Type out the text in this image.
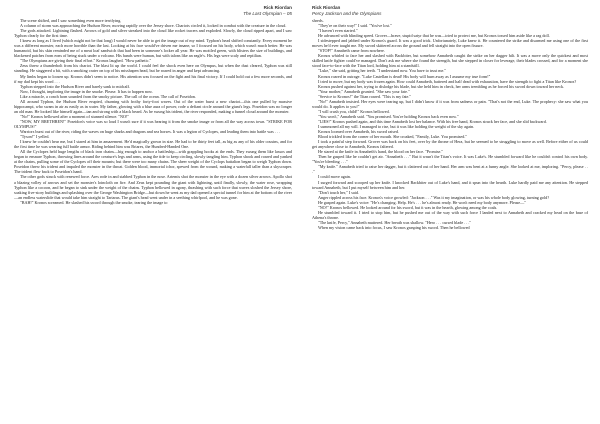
Rick Riordan
The Last Olympian – 05

The scene shifted, and I saw something even more terrifying.

A column of storm was approaching the Hudson River, moving rapidly over the Jersey shore. Chariots circled it, locked in combat with the creature in the cloud.

The gods attacked. Lightning flashed. Arrows of gold and silver streaked into the cloud like rocket tracers and exploded. Slowly, the cloud ripped apart, and I saw Typhon clearly for the first time.

I knew as long as I lived (which might not be that long) I would never be able to get the image out of my mind. Typhon's head shifted constantly. Every moment he was a different monster, each more horrible than the last. Looking at his face would've driven me insane, so I focused on his body, which wasn't much better. He was humanoid, but his skin reminded me of a meat loaf sandwich that had been in someone's locker all year. He was mottled green, with blisters the size of buildings, and blackened patches from eons of being stuck under a volcano. His hands were human, but with talons like an eagle's. His legs were scaly and reptilian.

"The Olympians are giving their final effort." Kronos laughed. "How pathetic."

Zeus threw a thunderbolt from his chariot. The blast lit up the world. I could feel the shock even here on Olympus, but when the dust cleared, Typhon was still standing. He staggered a bit, with a smoking crater on top of his misshapen head, but he roared in anger and kept advancing.

My limbs began to loosen up. Kronos didn't seem to notice. His attention was focused on the fight and his final victory. If I could hold out a few more seconds, and if my dad kept his word . . .

Typhon stepped into the Hudson River and barely sank to midcalf.

Now, I thought, imploring the image in the smoke. Please. It has to happen now.

Like a miracle, a conch horn sounded from the smoky picture. The call of the ocean. The call of Poseidon.

All around Typhon, the Hudson River erupted, churning with frothy forty-foot waves. Out of the water burst a new chariot—this one pulled by massive hippocampi, who swam in air as easily as in water. My father, glowing with a blue aura of power, rode a defiant circle around the giant's legs. Poseidon was no longer an old man. He looked like himself again—tan and strong with a black beard. As he swung his trident, the river responded, making a funnel cloud around the monster.

"No!" Kronos bellowed after a moment of stunned silence. "NO!"

"NOW, MY BRETHREN!" Poseidon's voice was so loud I wasn't sure if it was hearing it from the smoke image or from all the way across town. "STRIKE FOR OLYMPUS!"

Warriors burst out of the river, riding the waves on huge sharks and dragons and sea horses. It was a legion of Cyclopes, and leading them into battle was . . .

"Tyson!" I yelled.

I knew he couldn't hear me, but I stared at him in amazement. He'd magically grown in size. He had to be thirty feet tall, as big as any of his older cousins, and for the first time he was wearing full battle armor. Riding behind him was Briares, the Hundred-Handed One.

All the Cyclopes held huge lengths of black iron chains—big enough to anchor a battleship—with grappling hooks at the ends. They swung them like lassos and began to ensnare Typhon, throwing lines around the creature's legs and arms, using the tide to keep circling, slowly tangling him. Typhon shook and roared and yanked at the chains, pulling some of the Cyclopes off their mounts; but there were too many chains. The sheer weight of the Cyclops battalion began to weigh Typhon down. Poseidon threw his trident and impaled the monster in the throat. Golden blood, immortal ichor, spewed from the wound, making a waterfall taller than a skyscraper. The trident flew back to Poseidon's hand.

The other gods struck with renewed force. Ares rode in and stabbed Typhon in the nose. Artemis shot the monster in the eye with a dozen silver arrows. Apollo shot a blazing volley of arrows and set the monster's loincloth on fire. And Zeus kept pounding the giant with lightning, until finally, slowly, the water rose, wrapping Typhon like a cocoon, and he began to sink under the weight of the chains. Typhon bellowed in agony, thrashing with such force that waves sloshed the Jersey shore, soaking five-story buildings and splashing over the George Washington Bridge—but down he went as my dad opened a special tunnel for him at the bottom of the river—an endless waterslide that would take him straight to Tartarus. The giant's head went under in a seething whirlpool, and he was gone.

"BAH!" Kronos screamed. He slashed his sword through the smoke, tearing the image to

Rick Riordan
Percy Jackson and the Olympians

shreds.

"They're on their way!" I said. "You've lost."

"I haven't even started."

He advanced with blinding speed. Grover—brave, stupid satyr that he was—tried to protect me, but Kronos tossed him aside like a rag doll.

I sidestepped and jabbed under Kronos's guard. It was a good trick. Unfortunately, Luke knew it. He countered the strike and disarmed me using one of the first moves he'd ever taught me. My sword skittered across the ground and fell straight into the open fissure.

"STOP!" Annabeth came from nowhere.

Kronos whirled to face her and slashed with Backbiter, but somehow Annabeth caught the strike on her dagger hilt. It was a move only the quickest and most skilled knife fighter could've managed. Don't ask me where she found the strength, but she stepped in closer for leverage, their blades crossed, and for a moment she stood face-to-face with the Titan lord, holding him at a standstill.

"Luke," she said, gritting her teeth. "I understand now. You have to trust me."

Kronos roared in outrage. "Luke Castellan is dead! His body will burn away as I assume my true form!"

I tried to move, but my body was frozen again. How could Annabeth, battered and half dead with exhaustion, have the strength to fight a Titan like Kronos?

Kronos pushed against her, trying to dislodge his blade, but she held him in check, her arms trembling as he forced his sword down toward her neck.

"Your mother," Annabeth grunted. "She saw your fate."

"Service to Kronos!" the Titan roared. "This is my fate."

"No!" Annabeth insisted. Her eyes were tearing up, but I didn't know if it was from sadness or pain. "That's not the end, Luke. The prophecy: she saw what you would do. It applies to you!"

"I will crush you, child!" Kronos bellowed.

"You won't," Annabeth said. "You promised. You're holding Kronos back even now."

"LIES!" Kronos pushed again, and this time Annabeth lost her balance. With his free hand, Kronos struck her face, and she slid backward.

I summoned all my will. I managed to rise, but it was like holding the weight of the sky again.

Kronos loomed over Annabeth, his sword raised.

Blood trickled from the corner of her mouth. She croaked, "Family, Luke. You promised."

I took a painful step forward. Grover was back on his feet, over by the throne of Hera, but he seemed to be struggling to move as well. Before either of us could get anywhere close to Annabeth, Kronos faltered.

He stared at the knife in Annabeth's hand, the blood on her face. "Promise."

Then he gasped like he couldn't get air. "Annabeth . . ." But it wasn't the Titan's voice. It was Luke's. He stumbled forward like he couldn't control his own body. "You're bleeding . . ."

"My knife." Annabeth tried to raise her dagger, but it clattered out of her hand. Her arm was bent at a funny angle. She looked at me, imploring. "Percy, please . . ."

I could move again.

I surged forward and scooped up her knife. I knocked Backbiter out of Luke's hand, and it spun into the hearth. Luke hardly paid me any attention. He stepped toward Annabeth, but I put myself between him and her.

"Don't touch her," I said.

Anger rippled across his face. Kronos's voice growled: "Jackson . . ." Was it my imagination, or was his whole body glowing, turning gold?

He gasped again. Luke's voice: "He's changing. Help. He's . . . he's almost ready. He won't need my body anymore. Please—"

"NO!" Kronos bellowed. He looked around for his sword, but it was in the hearth, glowing among the coals.

He stumbled toward it. I tried to stop him, but he pushed me out of the way with such force I landed next to Annabeth and cracked my head on the base of Athena's throne.

"The knife, Percy," Annabeth muttered. Her breath was shallow. "Hero . . . cursed blade . . ."

When my vision came back into focus, I saw Kronos grasping his sword. Then he bellowed
